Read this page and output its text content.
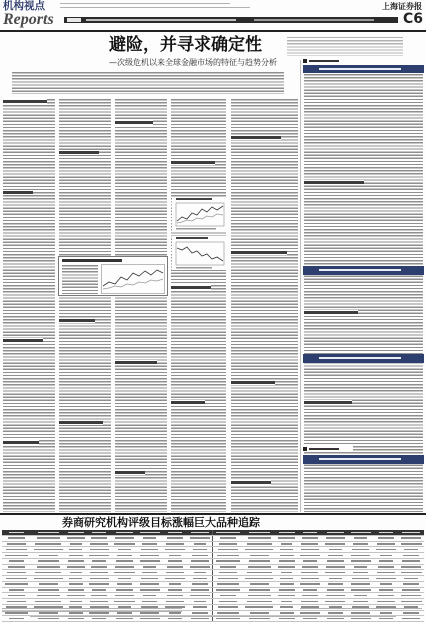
机构视点	上海证券报
Reports	C6
避险，并寻求确定性
—次级危机以来全球金融市场的特征与趋势分析
券商研究机构评级目标涨幅巨大品种追踪
